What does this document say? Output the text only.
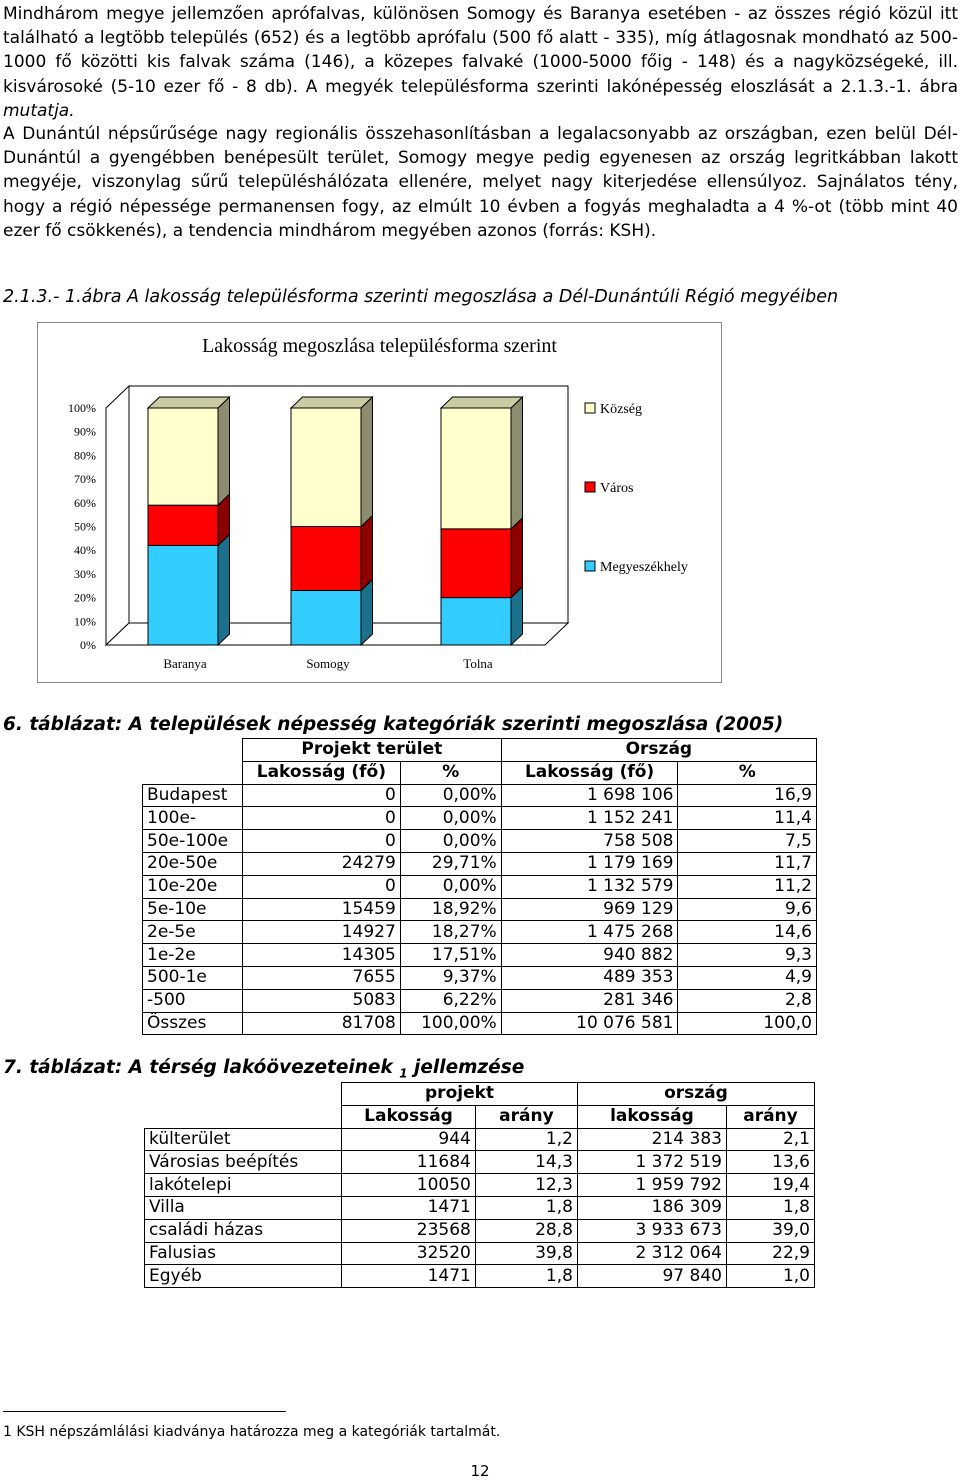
Mindhárom megye jellemzően aprófalvas, különösen Somogy és Baranya esetében - az összes régió közül itt található a legtöbb település (652) és a legtöbb aprófalu (500 fő alatt - 335), míg átlagosnak mondható az 500-1000 fő közötti kis falvak száma (146), a közepes falvaké (1000-5000 főig - 148) és a nagyközségeké, ill. kisvárosoké (5-10 ezer fő - 8 db). A megyék településforma szerinti lakónépesség eloszlását a 2.1.3.-1. ábra mutatja.

A Dunántúl népsűrűsége nagy regionális összehasonlításban a legalacsonyabb az országban, ezen belül Dél-Dunántúl a gyengébben benépesült terület, Somogy megye pedig egyenesen az ország legritkábban lakott megyéje, viszonylag sűrű településhálózata ellenére, melyet nagy kiterjedése ellensúlyoz. Sajnálatos tény, hogy a régió népessége permanensen fogy, az elmúlt 10 évben a fogyás meghaladta a 4 %-ot (több mint 40 ezer fő csökkenés), a tendencia mindhárom megyében azonos (forrás: KSH).

2.1.3.- 1.ábra A lakosság településforma szerinti megoszlása a Dél-Dunántúli Régió megyéiben
Lakosság megoszlása településforma szerint
0%
10%
20%
30%
40%
50%
60%
70%
80%
90%
100%
Baranya	Somogy	Tolna
Község
Város
Megyeszékhely
6. táblázat: A települések népesség kategóriák szerinti megoszlása (2005)
	Projekt terület		Ország	
	Lakosság (fő)	%	Lakosság (fő)	%
Budapest	0	0,00%	1 698 106	16,9
100e-	0	0,00%	1 152 241	11,4
50e-100e	0	0,00%	758 508	7,5
20e-50e	24279	29,71%	1 179 169	11,7
10e-20e	0	0,00%	1 132 579	11,2
5e-10e	15459	18,92%	969 129	9,6
2e-5e	14927	18,27%	1 475 268	14,6
1e-2e	14305	17,51%	940 882	9,3
500-1e	7655	9,37%	489 353	4,9
-500	5083	6,22%	281 346	2,8
Összes	81708	100,00%	10 076 581	100,0
7. táblázat: A térség lakóövezeteinek $_1$ jellemzése
	projekt		ország	
	Lakosság	arány	lakosság	arány
külterület	944	1,2	214 383	2,1
Városias beépítés	11684	14,3	1 372 519	13,6
lakótelepi	10050	12,3	1 959 792	19,4
Villa	1471	1,8	186 309	1,8
családi házas	23568	28,8	3 933 673	39,0
Falusias	32520	39,8	2 312 064	22,9
Egyéb	1471	1,8	97 840	1,0
1 KSH népszámlálási kiadványa határozza meg a kategóriák tartalmát.
12
